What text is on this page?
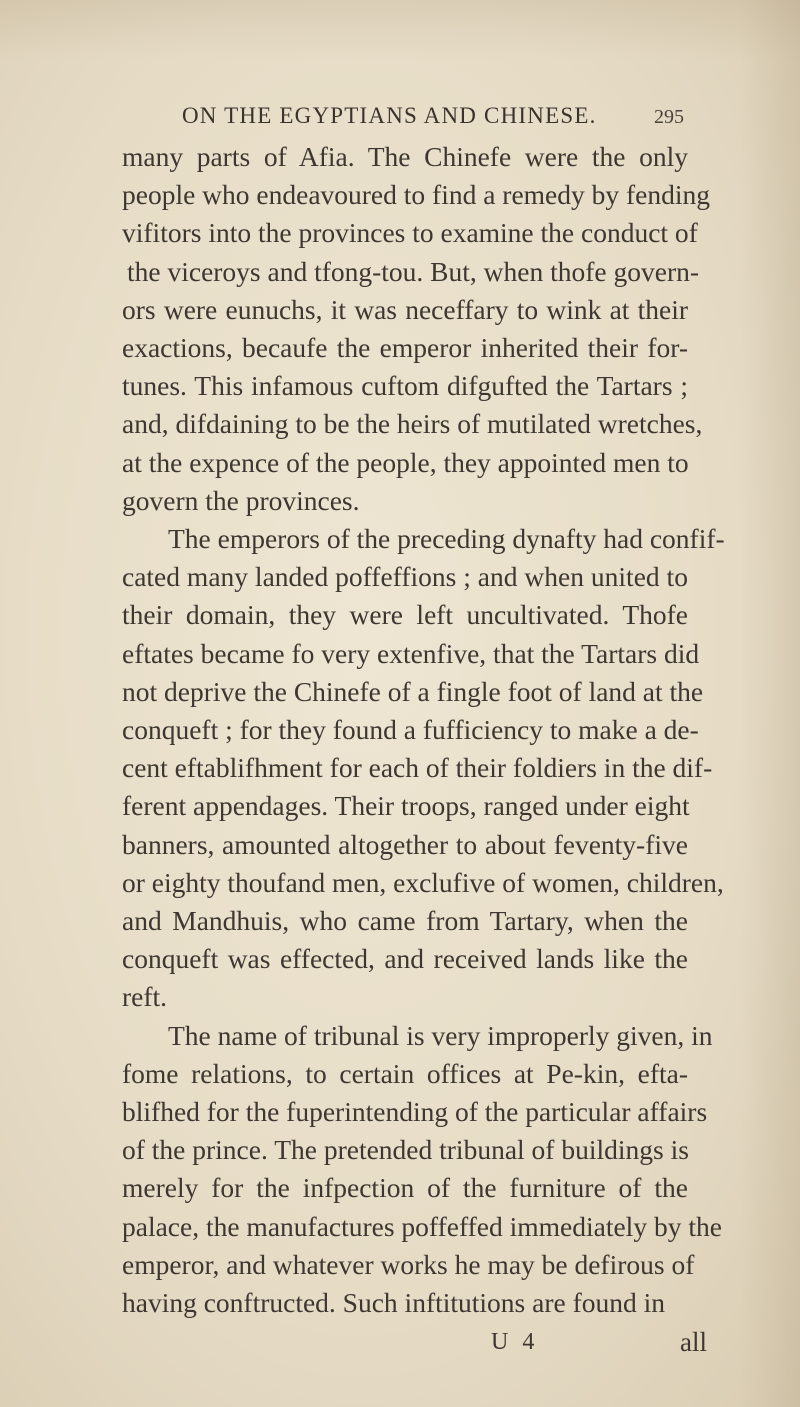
ON THE EGYPTIANS AND CHINESE.	295
many parts of Afia. The Chinefe were the only
people who endeavoured to find a remedy by fending
vifitors into the provinces to examine the conduct of
the viceroys and tfong-tou. But, when thofe govern-
ors were eunuchs, it was neceffary to wink at their
exactions, becaufe the emperor inherited their for-
tunes. This infamous cuftom difgufted the Tartars ;
and, difdaining to be the heirs of mutilated wretches,
at the expence of the people, they appointed men to
govern the provinces.
The emperors of the preceding dynafty had confif-
cated many landed poffeffions ; and when united to
their domain, they were left uncultivated. Thofe
eftates became fo very extenfive, that the Tartars did
not deprive the Chinefe of a fingle foot of land at the
conqueft ; for they found a fufficiency to make a de-
cent eftablifhment for each of their foldiers in the dif-
ferent appendages. Their troops, ranged under eight
banners, amounted altogether to about feventy-five
or eighty thoufand men, exclufive of women, children,
and Mandhuis, who came from Tartary, when the
conqueft was effected, and received lands like the
reft.
The name of tribunal is very improperly given, in
fome relations, to certain offices at Pe-kin, efta-
blifhed for the fuperintending of the particular affairs
of the prince. The pretended tribunal of buildings is
merely for the infpection of the furniture of the
palace, the manufactures poffeffed immediately by the
emperor, and whatever works he may be defirous of
having conftructed. Such inftitutions are found in
U 4	all
